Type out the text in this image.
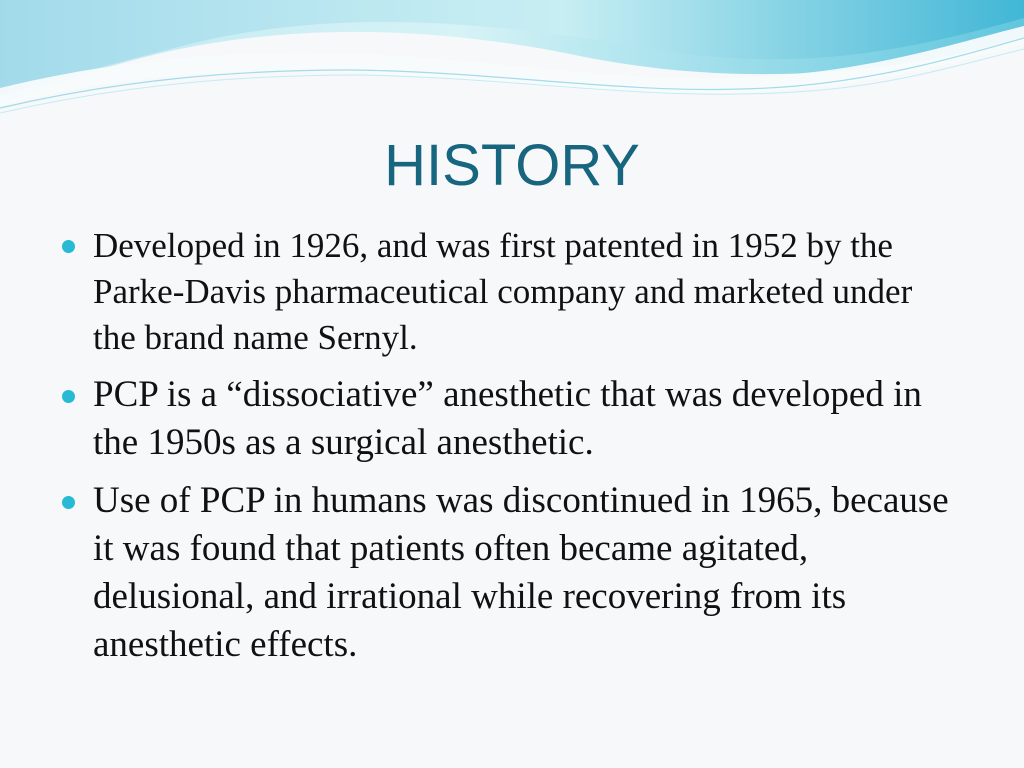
HISTORY
Developed in 1926, and was first patented in 1952 by the Parke-Davis pharmaceutical company and marketed under the brand name Sernyl.
PCP is a “dissociative” anesthetic that was developed in the 1950s as a surgical anesthetic.
Use of PCP in humans was discontinued in 1965, because it was found that patients often became agitated, delusional, and irrational while recovering from its anesthetic effects.
